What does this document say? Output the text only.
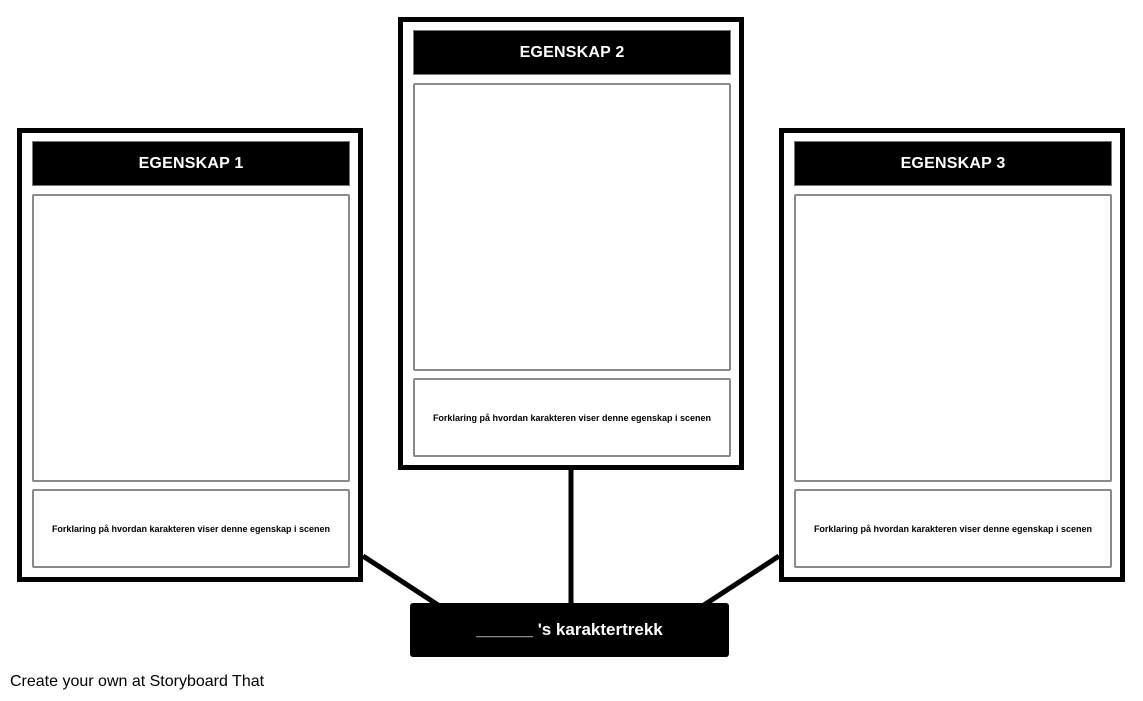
EGENSKAP 1
Forklaring på hvordan karakteren viser denne egenskap i scenen
EGENSKAP 2
Forklaring på hvordan karakteren viser denne egenskap i scenen
EGENSKAP 3
Forklaring på hvordan karakteren viser denne egenskap i scenen
______ 's karaktertrekk
Create your own at Storyboard That
